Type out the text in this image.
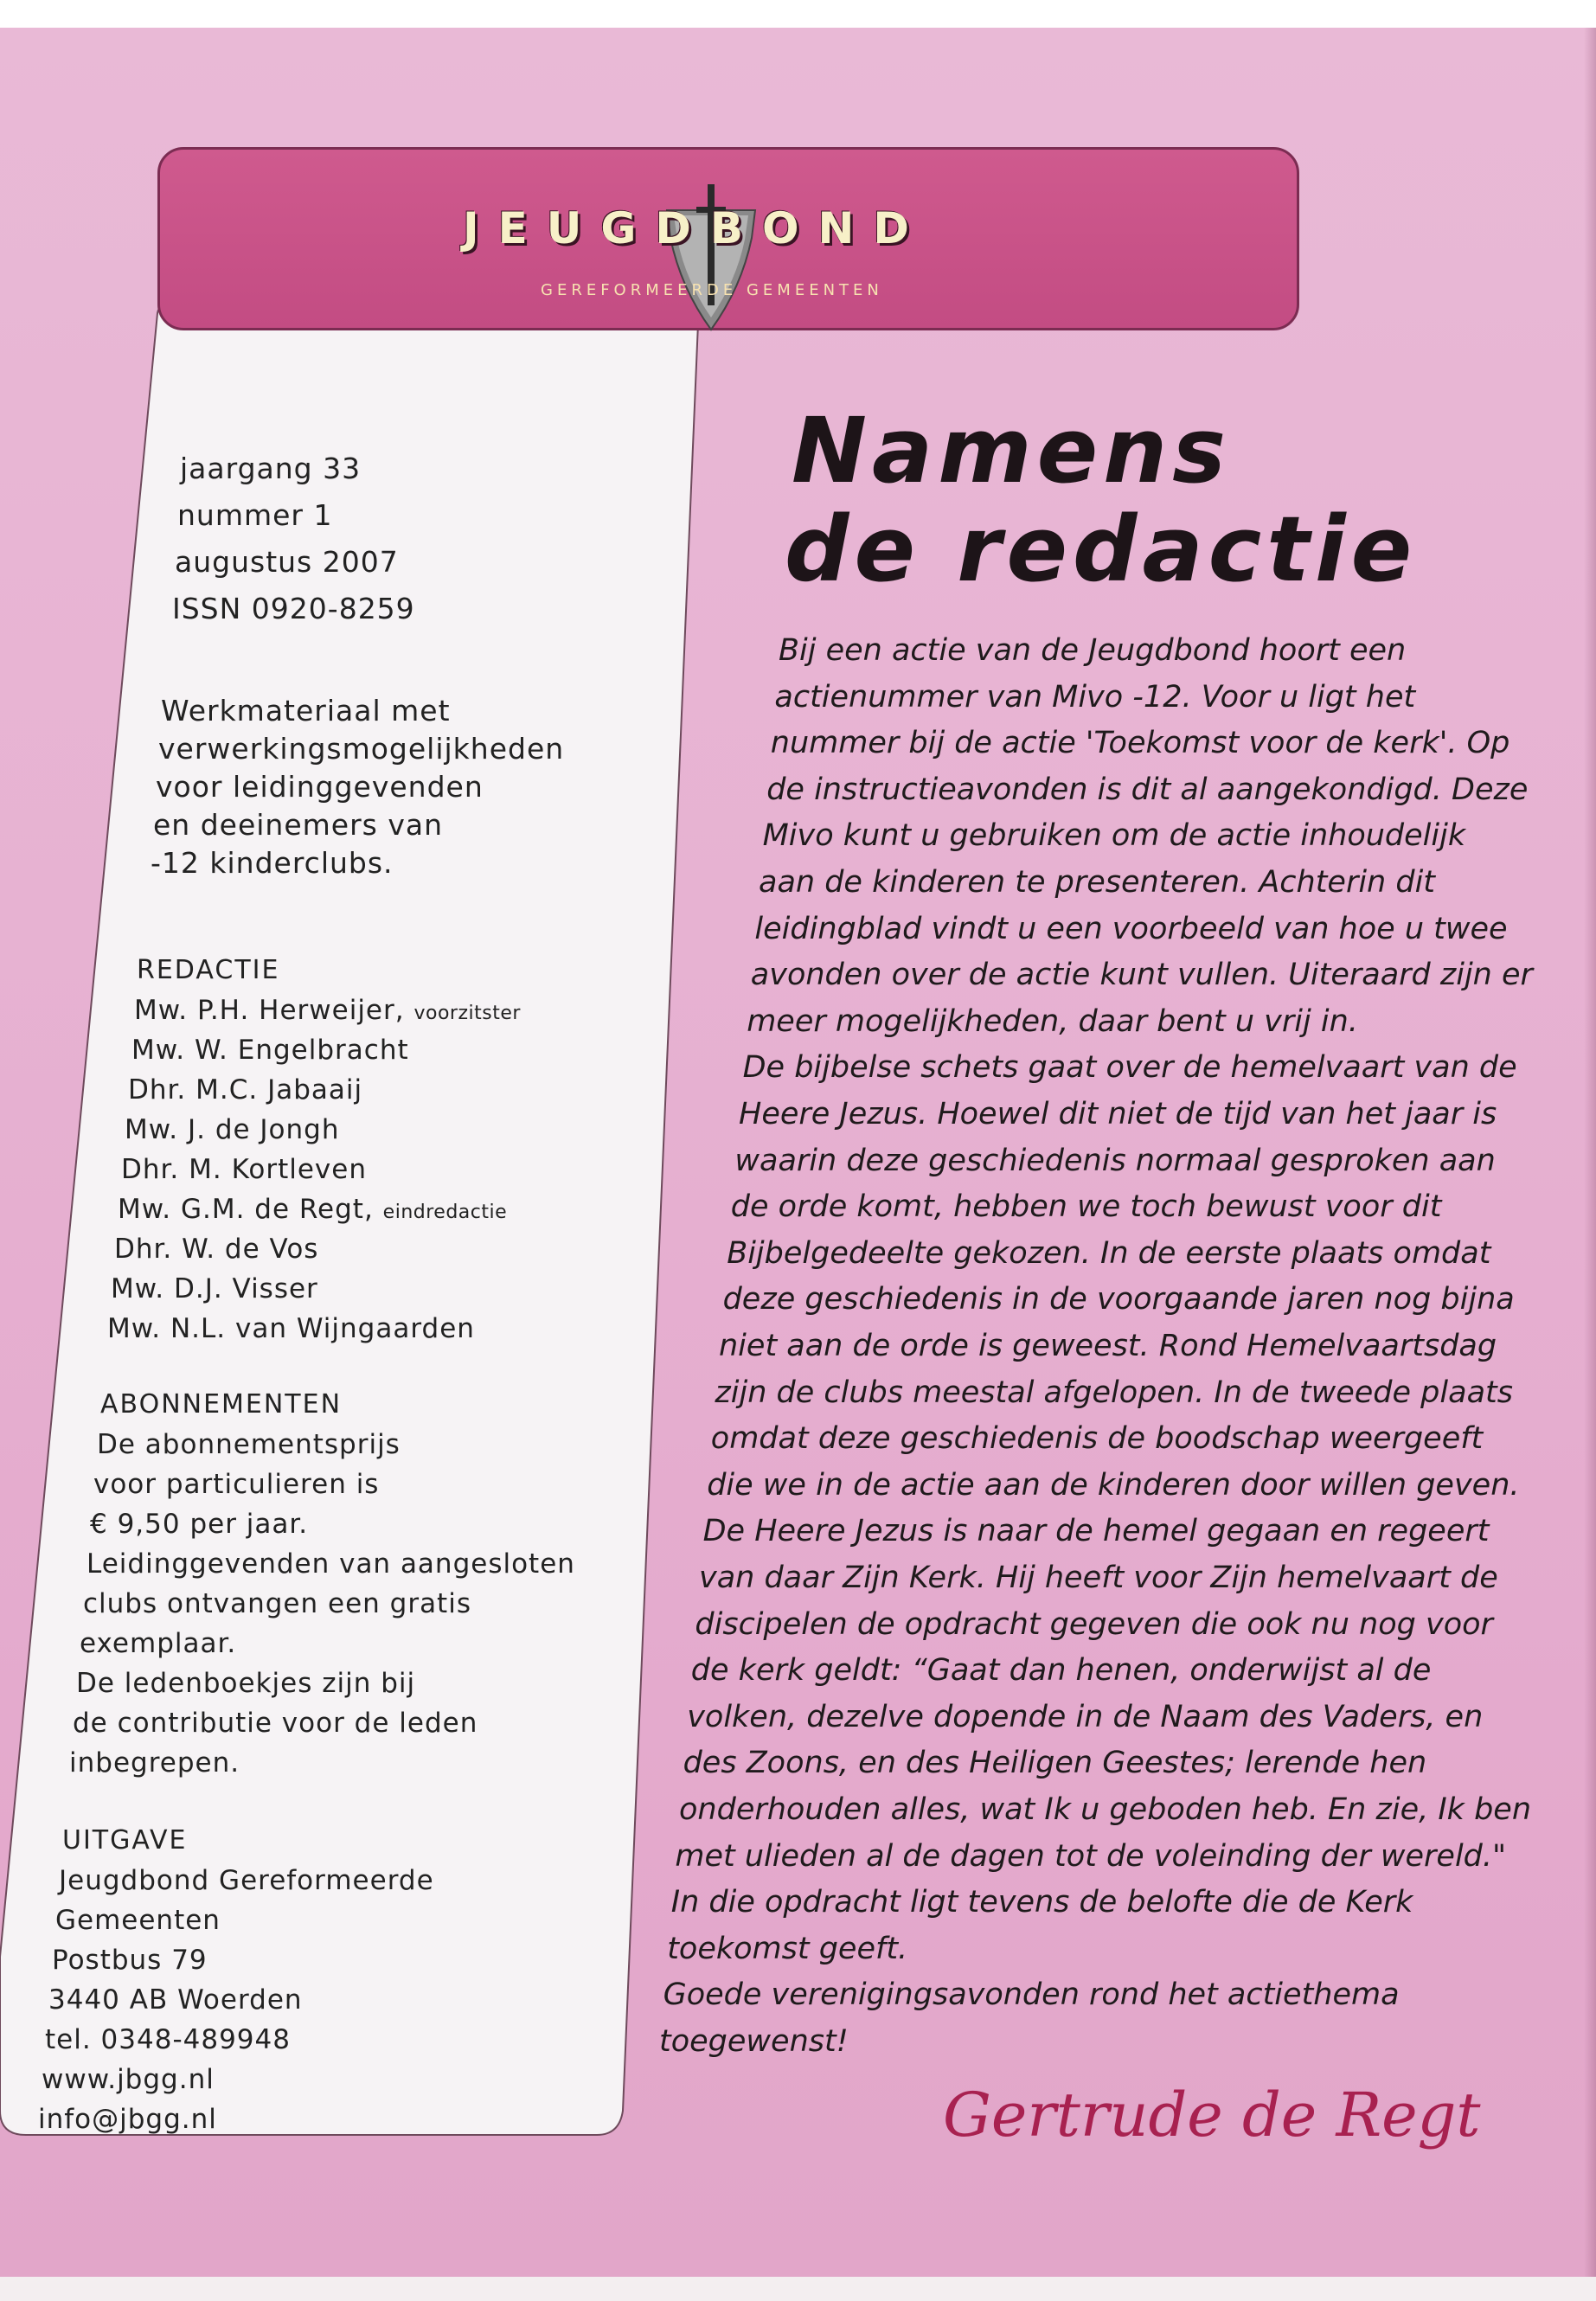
JEUGDBOND
GEREFORMEERDE GEMEENTEN
jaargang 33
nummer 1
augustus 2007
ISSN 0920-8259
Werkmateriaal met
verwerkingsmogelijkheden
voor leidinggevenden
en deeinemers van
-12 kinderclubs.
REDACTIE
Mw. P.H. Herweijer, voorzitster
Mw. W. Engelbracht
Dhr. M.C. Jabaaij
Mw. J. de Jongh
Dhr. M. Kortleven
Mw. G.M. de Regt, eindredactie
Dhr. W. de Vos
Mw. D.J. Visser
Mw. N.L. van Wijngaarden
ABONNEMENTEN
De abonnementsprijs
voor particulieren is
€ 9,50 per jaar.
Leidinggevenden van aangesloten
clubs ontvangen een gratis
exemplaar.
De ledenboekjes zijn bij
de contributie voor de leden
inbegrepen.
UITGAVE
Jeugdbond Gereformeerde
Gemeenten
Postbus 79
3440 AB Woerden
tel. 0348-489948
www.jbgg.nl
info@jbgg.nl
Namens
de redactie
Bij een actie van de Jeugdbond hoort een
actienummer van Mivo -12. Voor u ligt het
nummer bij de actie 'Toekomst voor de kerk'. Op
de instructieavonden is dit al aangekondigd. Deze
Mivo kunt u gebruiken om de actie inhoudelijk
aan de kinderen te presenteren. Achterin dit
leidingblad vindt u een voorbeeld van hoe u twee
avonden over de actie kunt vullen. Uiteraard zijn er
meer mogelijkheden, daar bent u vrij in.
De bijbelse schets gaat over de hemelvaart van de
Heere Jezus. Hoewel dit niet de tijd van het jaar is
waarin deze geschiedenis normaal gesproken aan
de orde komt, hebben we toch bewust voor dit
Bijbelgedeelte gekozen. In de eerste plaats omdat
deze geschiedenis in de voorgaande jaren nog bijna
niet aan de orde is geweest. Rond Hemelvaartsdag
zijn de clubs meestal afgelopen. In de tweede plaats
omdat deze geschiedenis de boodschap weergeeft
die we in de actie aan de kinderen door willen geven.
De Heere Jezus is naar de hemel gegaan en regeert
van daar Zijn Kerk. Hij heeft voor Zijn hemelvaart de
discipelen de opdracht gegeven die ook nu nog voor
de kerk geldt: “Gaat dan henen, onderwijst al de
volken, dezelve dopende in de Naam des Vaders, en
des Zoons, en des Heiligen Geestes; lerende hen
onderhouden alles, wat Ik u geboden heb. En zie, Ik ben
met ulieden al de dagen tot de voleinding der wereld."
In die opdracht ligt tevens de belofte die de Kerk
toekomst geeft.
Goede verenigingsavonden rond het actiethema
toegewenst!
Gertrude de Regt
